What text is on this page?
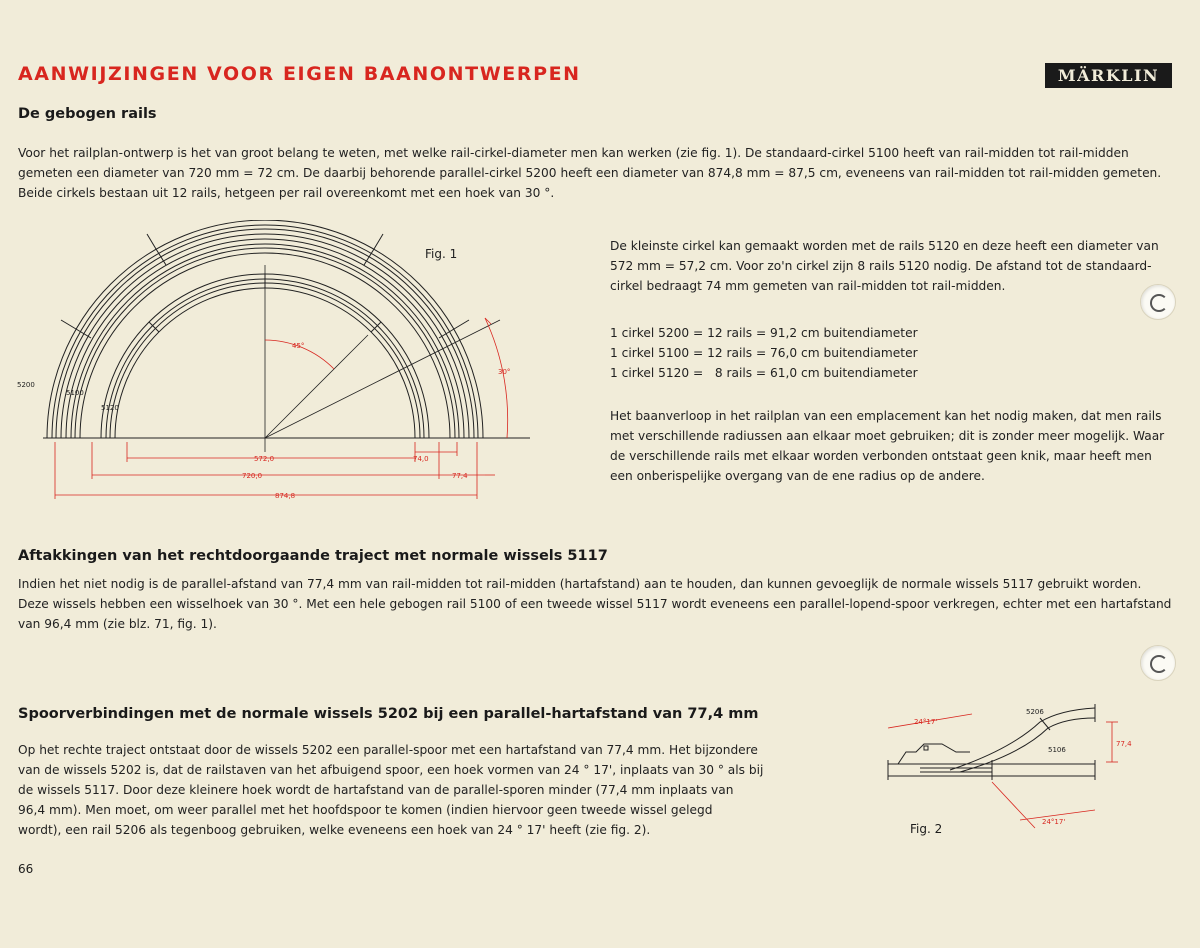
AANWIJZINGEN VOOR EIGEN BAANONTWERPEN	MÄRKLIN
De gebogen rails

Voor het railplan-ontwerp is het van groot belang te weten, met welke rail-cirkel-diameter men kan werken (zie fig. 1). De standaard-cirkel 5100 heeft van rail-midden tot rail-midden

gemeten een diameter van 720 mm = 72 cm. De daarbij behorende parallel-cirkel 5200 heeft een diameter van 874,8 mm = 87,5 cm, eveneens van rail-midden tot rail-midden gemeten.

Beide cirkels bestaan uit 12 rails, hetgeen per rail overeenkomt met een hoek van 30 °.

De kleinste cirkel kan gemaakt worden met de rails 5120 en deze heeft een diameter van

572 mm = 57,2 cm. Voor zo'n cirkel zijn 8 rails 5120 nodig. De afstand tot de standaard-

cirkel bedraagt 74 mm gemeten van rail-midden tot rail-midden.

1 cirkel 5200 = 12 rails = 91,2 cm buitendiameter

1 cirkel 5100 = 12 rails = 76,0 cm buitendiameter

1 cirkel 5120 =   8 rails = 61,0 cm buitendiameter

Het baanverloop in het railplan van een emplacement kan het nodig maken, dat men rails

met verschillende radiussen aan elkaar moet gebruiken; dit is zonder meer mogelijk. Waar

de verschillende rails met elkaar worden verbonden ontstaat geen knik, maar heeft men

een onberispelijke overgang van de ene radius op de andere.

Fig. 1
5200
5100
5120
45°
30°
572,0	74,0
720,0	77,4
874,8
Aftakkingen van het rechtdoorgaande traject met normale wissels 5117

Indien het niet nodig is de parallel-afstand van 77,4 mm van rail-midden tot rail-midden (hartafstand) aan te houden, dan kunnen gevoeglijk de normale wissels 5117 gebruikt worden.

Deze wissels hebben een wisselhoek van 30 °. Met een hele gebogen rail 5100 of een tweede wissel 5117 wordt eveneens een parallel-lopend-spoor verkregen, echter met een hartafstand

van 96,4 mm (zie blz. 71, fig. 1).

Spoorverbindingen met de normale wissels 5202 bij een parallel-hartafstand van 77,4 mm

Op het rechte traject ontstaat door de wissels 5202 een parallel-spoor met een hartafstand van 77,4 mm. Het bijzondere

van de wissels 5202 is, dat de railstaven van het afbuigend spoor, een hoek vormen van 24 ° 17', inplaats van 30 ° als bij

de wissels 5117. Door deze kleinere hoek wordt de hartafstand van de parallel-sporen minder (77,4 mm inplaats van

96,4 mm). Men moet, om weer parallel met het hoofdspoor te komen (indien hiervoor geen tweede wissel gelegd

wordt), een rail 5206 als tegenboog gebruiken, welke eveneens een hoek van 24 ° 17' heeft (zie fig. 2).

24°17'
24°17'
5206
5106
77,4
Fig. 2
66
